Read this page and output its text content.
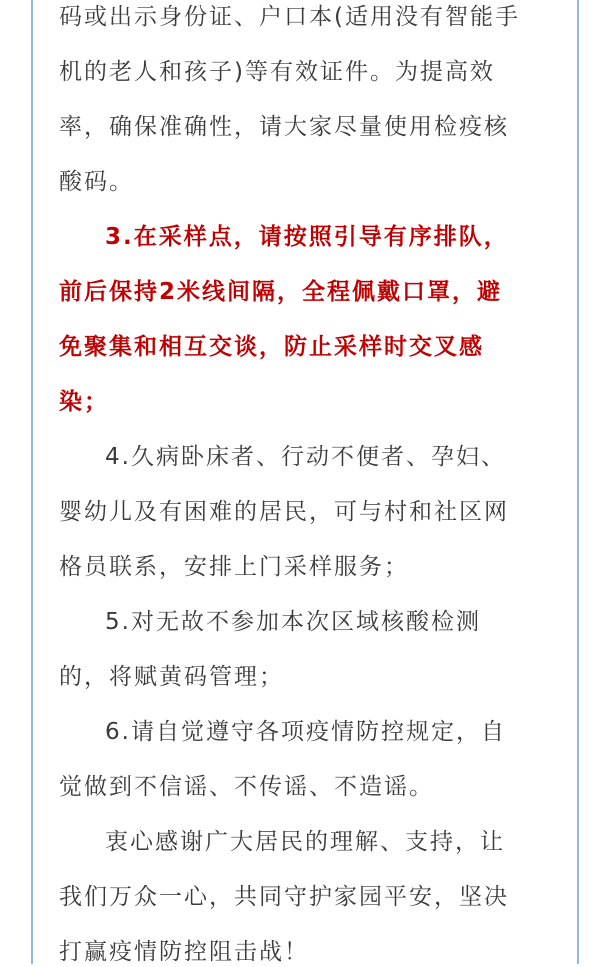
码或出示身份证、户口本(适用没有智能手
机的老人和孩子)等有效证件。为提高效
率，确保准确性，请大家尽量使用检疫核
酸码。
3.在采样点，请按照引导有序排队，
前后保持2米线间隔，全程佩戴口罩，避
免聚集和相互交谈，防止采样时交叉感
染；
4.久病卧床者、行动不便者、孕妇、
婴幼儿及有困难的居民，可与村和社区网
格员联系，安排上门采样服务；
5.对无故不参加本次区域核酸检测
的，将赋黄码管理；
6.请自觉遵守各项疫情防控规定，自
觉做到不信谣、不传谣、不造谣。
衷心感谢广大居民的理解、支持，让
我们万众一心，共同守护家园平安，坚决
打赢疫情防控阻击战！
